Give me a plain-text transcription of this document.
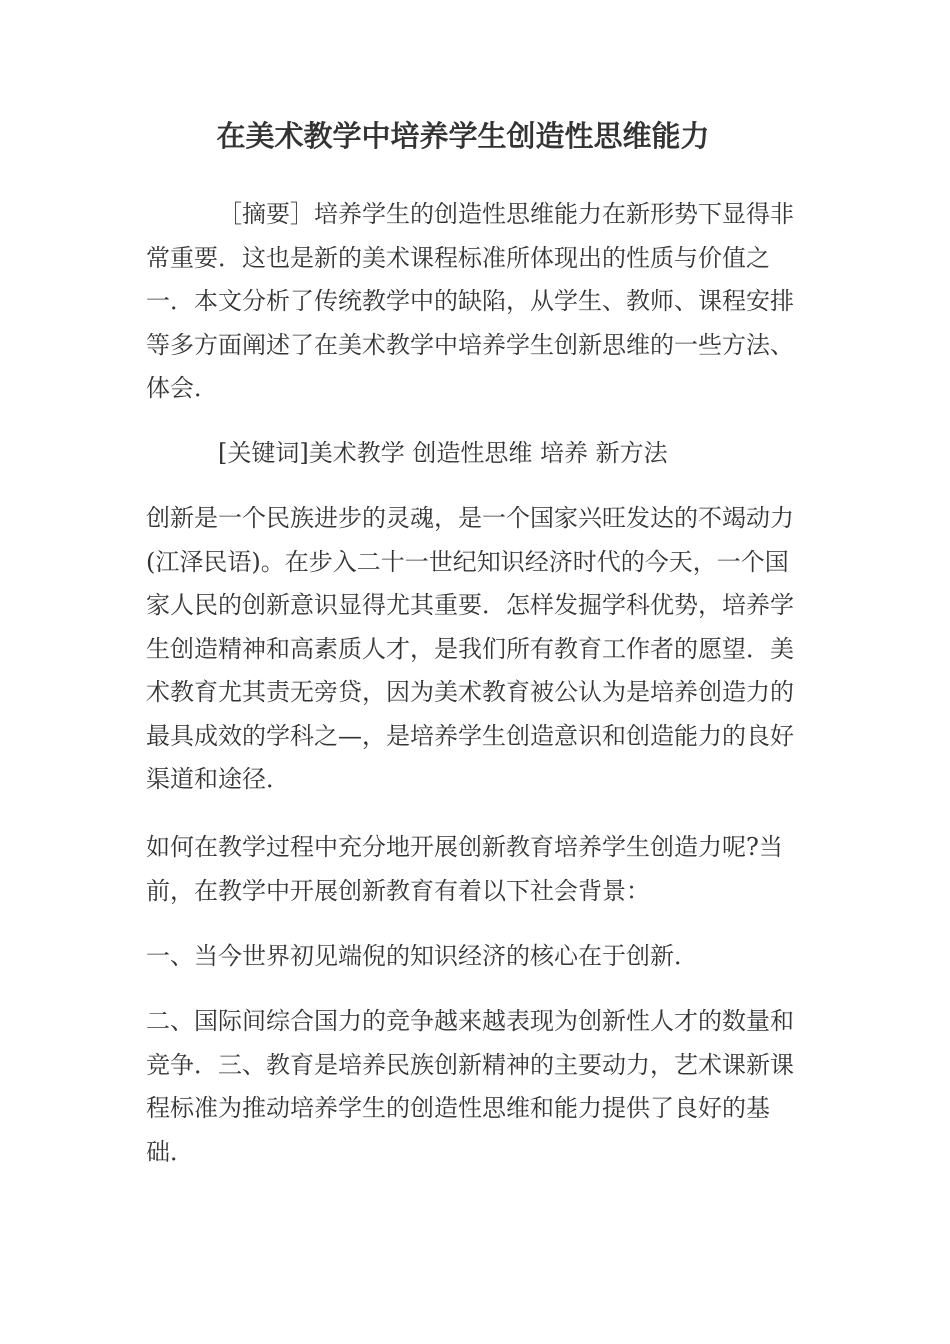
在美术教学中培养学生创造性思维能力

［摘要］培养学生的创造性思维能力在新形势下显得非常重要．这也是新的美术课程标准所体现出的性质与价值之一．本文分析了传统教学中的缺陷，从学生、教师、课程安排等多方面阐述了在美术教学中培养学生创新思维的一些方法、体会．

[关键词]美术教学 创造性思维 培养 新方法

创新是一个民族进步的灵魂，是一个国家兴旺发达的不竭动力(江泽民语)。在步入二十一世纪知识经济时代的今天，一个国家人民的创新意识显得尤其重要．怎样发掘学科优势，培养学生创造精神和高素质人才，是我们所有教育工作者的愿望．美术教育尤其责无旁贷，因为美术教育被公认为是培养创造力的最具成效的学科之—，是培养学生创造意识和创造能力的良好渠道和途径．

如何在教学过程中充分地开展创新教育培养学生创造力呢?当前，在教学中开展创新教育有着以下社会背景：

一、当今世界初见端倪的知识经济的核心在于创新．

二、国际间综合国力的竞争越来越表现为创新性人才的数量和竞争．三、教育是培养民族创新精神的主要动力，艺术课新课程标准为推动培养学生的创造性思维和能力提供了良好的基础．
